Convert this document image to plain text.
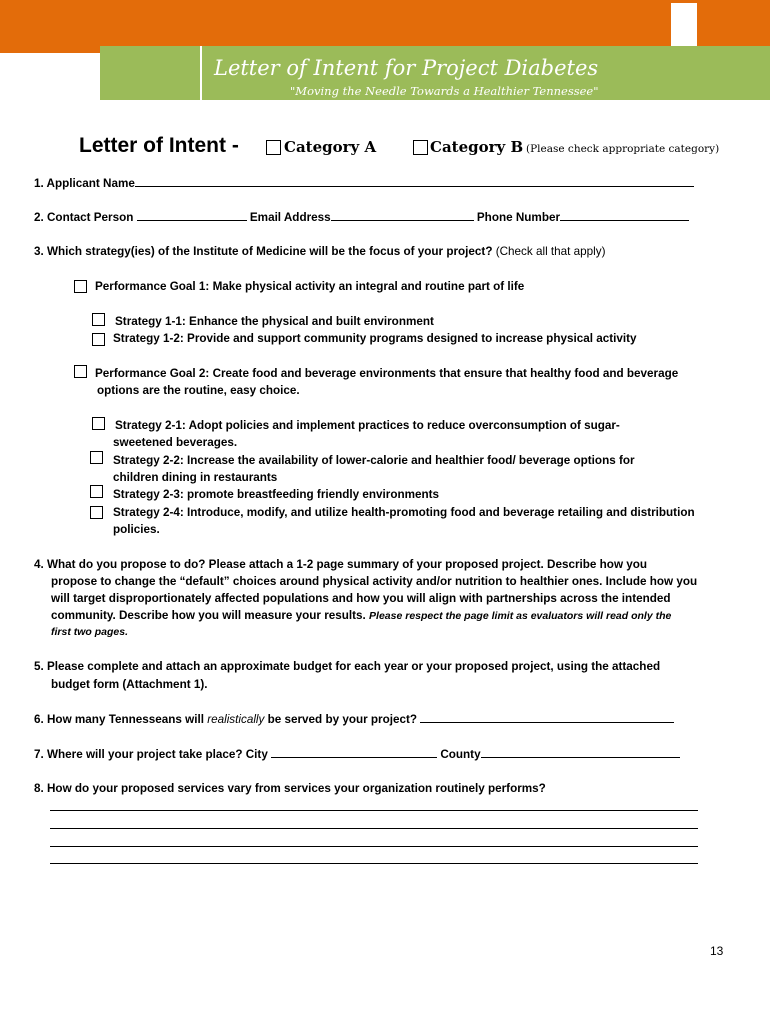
Letter of Intent for Project Diabetes
"Moving the Needle Towards a Healthier Tennessee"
Letter of Intent -	Category A	Category B (Please check appropriate category)
1. Applicant Name
2. Contact Person	Email Address	Phone Number
3. Which strategy(ies) of the Institute of Medicine will be the focus of your project? (Check all that apply)
Performance Goal 1: Make physical activity an integral and routine part of life
Strategy 1-1: Enhance the physical and built environment
Strategy 1-2: Provide and support community programs designed to increase physical activity
Performance Goal 2: Create food and beverage environments that ensure that healthy food and beverage
options are the routine, easy choice.
Strategy 2-1: Adopt policies and implement practices to reduce overconsumption of sugar-
sweetened beverages.
Strategy 2-2: Increase the availability of lower-calorie and healthier food/ beverage options for
children dining in restaurants
Strategy 2-3: promote breastfeeding friendly environments
Strategy 2-4: Introduce, modify, and utilize health-promoting food and beverage retailing and distribution
policies.
4. What do you propose to do? Please attach a 1-2 page summary of your proposed project. Describe how you
propose to change the “default” choices around physical activity and/or nutrition to healthier ones. Include how you
will target disproportionately affected populations and how you will align with partnerships across the intended
community. Describe how you will measure your results. Please respect the page limit as evaluators will read only the
first two pages.
5. Please complete and attach an approximate budget for each year or your proposed project, using the attached
budget form (Attachment 1).
6. How many Tennesseans will realistically be served by your project?
7. Where will your project take place? City	County
8. How do your proposed services vary from services your organization routinely performs?
13
